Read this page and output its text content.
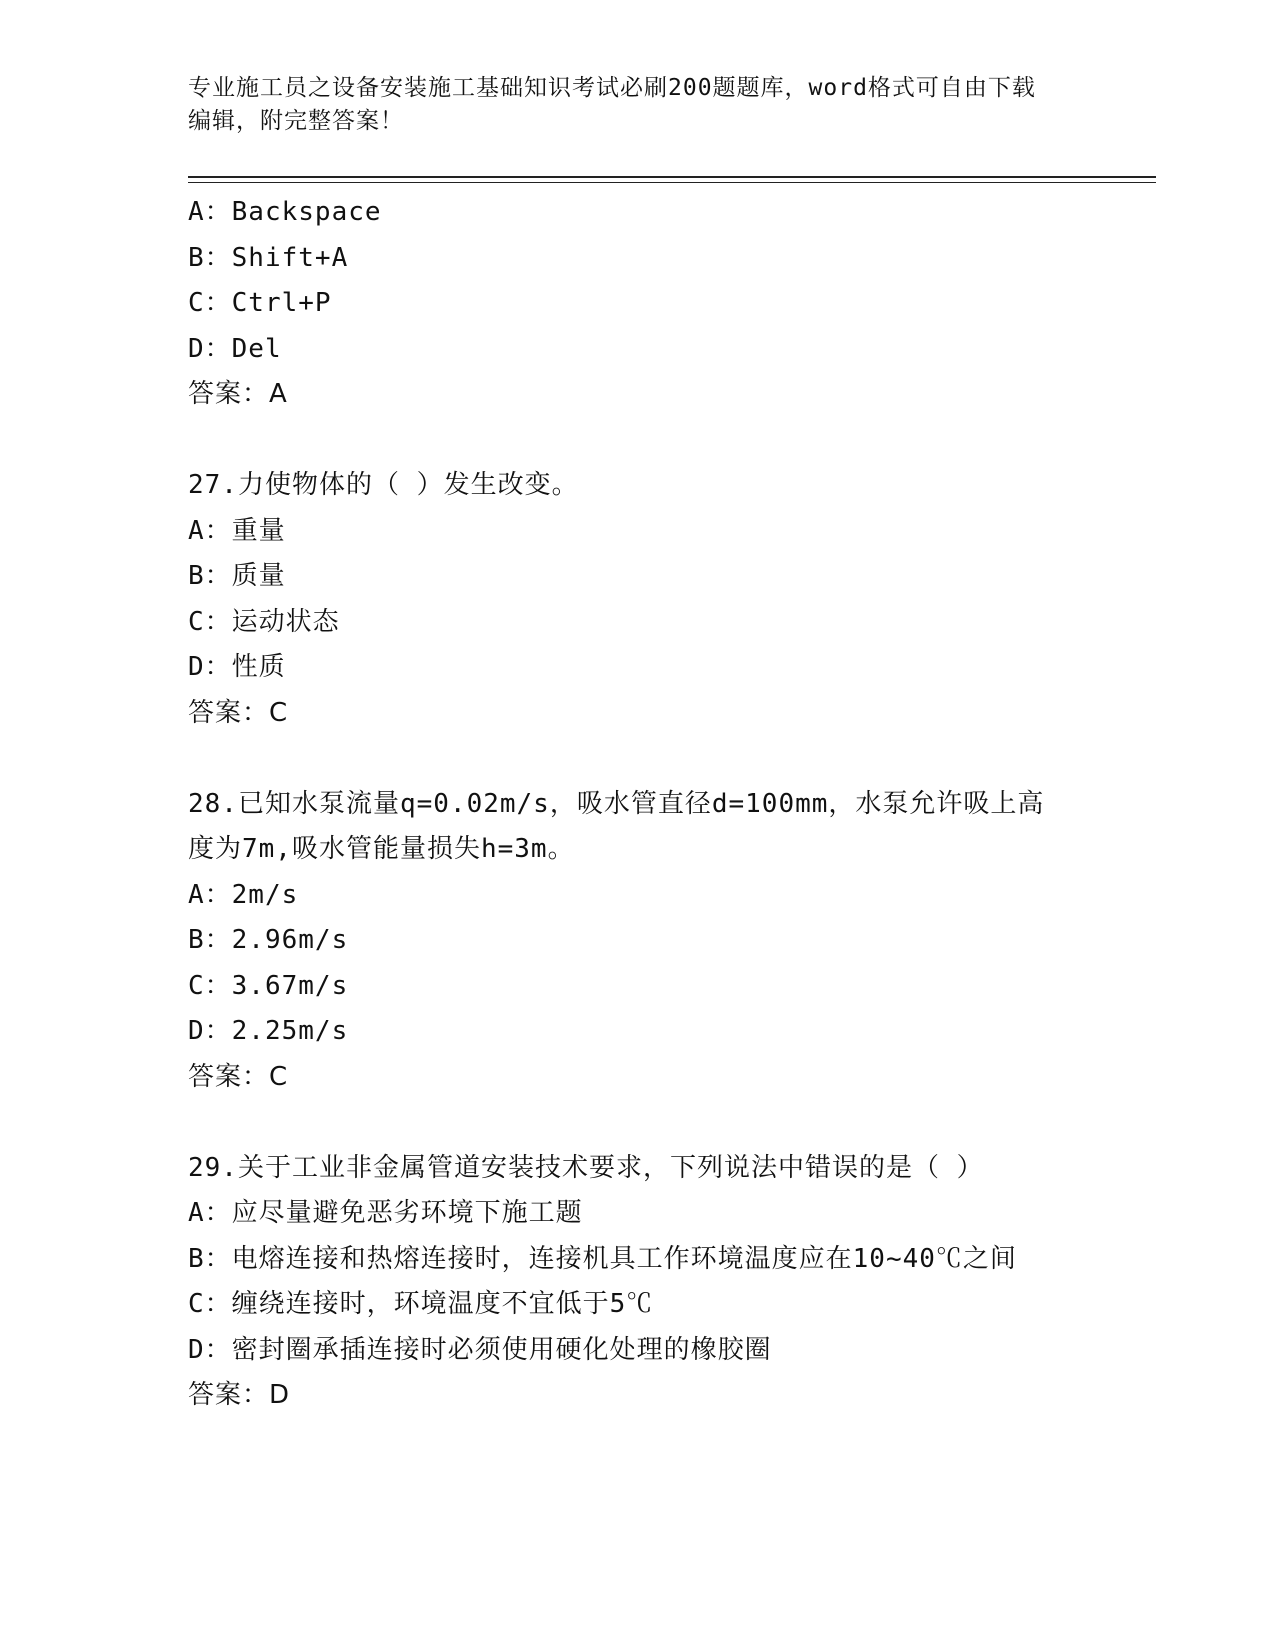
专业施工员之设备安装施工基础知识考试必刷200题题库，word格式可自由下载
编辑，附完整答案！
A：Backspace
B：Shift+A
C：Ctrl+P
D：Del
答案：A
27.力使物体的（ ）发生改变。
A：重量
B：质量
C：运动状态
D：性质
答案：C
28.已知水泵流量q=0.02m/s，吸水管直径d=100mm，水泵允许吸上高
度为7m,吸水管能量损失h=3m。
A：2m/s
B：2.96m/s
C：3.67m/s
D：2.25m/s
答案：C
29.关于工业非金属管道安装技术要求，下列说法中错误的是（ ）
A：应尽量避免恶劣环境下施工题
B：电熔连接和热熔连接时，连接机具工作环境温度应在10~40℃之间
C：缠绕连接时，环境温度不宜低于5℃
D：密封圈承插连接时必须使用硬化处理的橡胶圈
答案：D
